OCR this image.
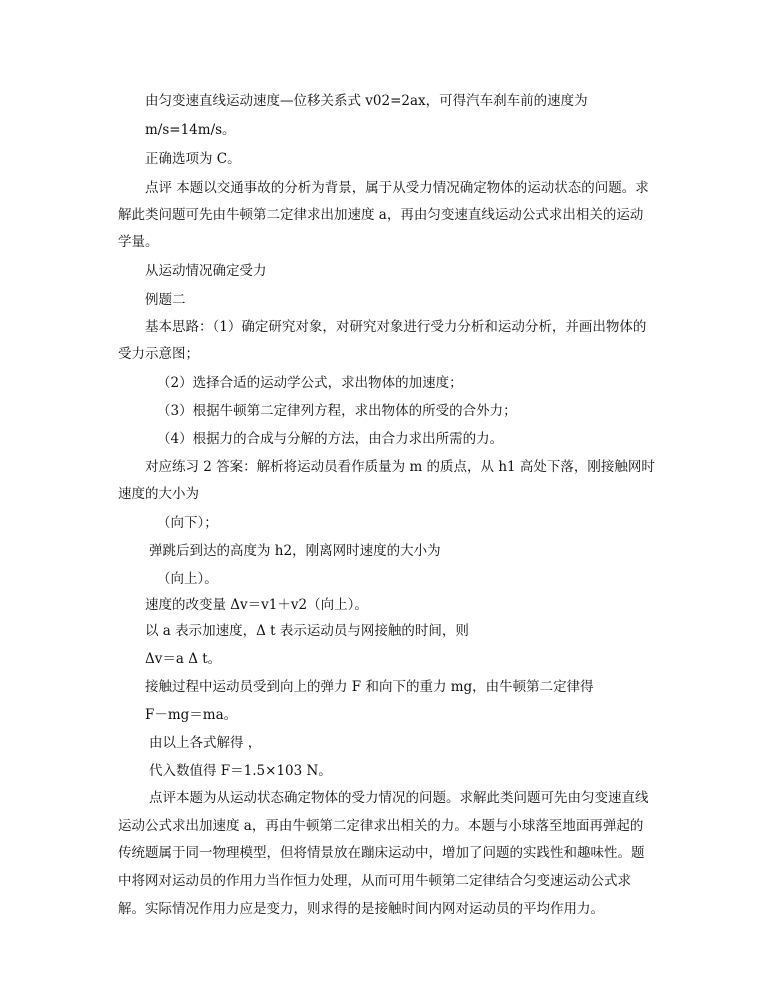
由匀变速直线运动速度—位移关系式 v02=2ax，可得汽车刹车前的速度为
m/s=14m/s。
正确选项为 C。
点评 本题以交通事故的分析为背景，属于从受力情况确定物体的运动状态的问题。求
解此类问题可先由牛顿第二定律求出加速度 a，再由匀变速直线运动公式求出相关的运动
学量。
从运动情况确定受力
例题二
基本思路：（1）确定研究对象，对研究对象进行受力分析和运动分析，并画出物体的
受力示意图；
（2）选择合适的运动学公式，求出物体的加速度；
（3）根据牛顿第二定律列方程，求出物体的所受的合外力；
（4）根据力的合成与分解的方法，由合力求出所需的力。
对应练习 2 答案：解析将运动员看作质量为 m 的质点，从 h1 高处下落，刚接触网时
速度的大小为
（向下）；
弹跳后到达的高度为 h2，刚离网时速度的大小为
（向上）。
速度的改变量 Δv＝v1＋v2（向上）。
以 a 表示加速度，Δ t 表示运动员与网接触的时间，则
Δv＝a Δ t。
接触过程中运动员受到向上的弹力 F 和向下的重力 mg，由牛顿第二定律得
F－mg＝ma。
由以上各式解得 ，
代入数值得 F＝1.5×103 N。
点评本题为从运动状态确定物体的受力情况的问题。求解此类问题可先由匀变速直线
运动公式求出加速度 a，再由牛顿第二定律求出相关的力。本题与小球落至地面再弹起的
传统题属于同一物理模型，但将情景放在蹦床运动中，增加了问题的实践性和趣味性。题
中将网对运动员的作用力当作恒力处理，从而可用牛顿第二定律结合匀变速运动公式求
解。实际情况作用力应是变力，则求得的是接触时间内网对运动员的平均作用力。
